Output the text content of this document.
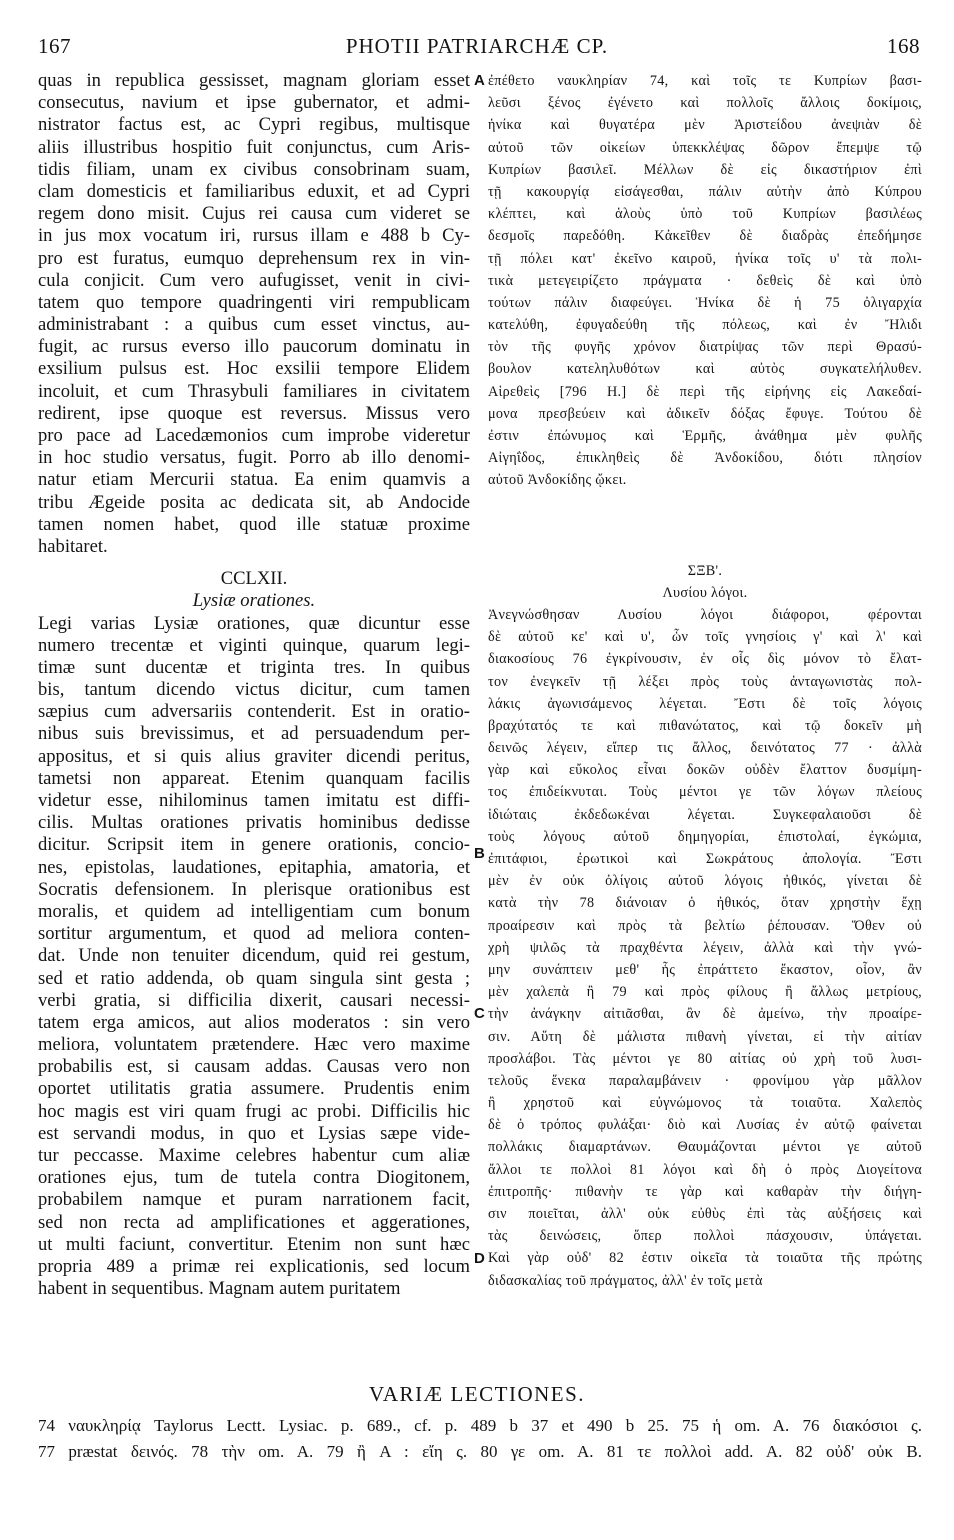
167	PHOTII PATRIARCHÆ CP.	168
quas in republica gessisset, magnam gloriam esset
consecutus, navium et ipse gubernator, et admi-
nistrator factus est, ac Cypri regibus, multisque
aliis illustribus hospitio fuit conjunctus, cum Aris-
tidis filiam, unam ex civibus consobrinam suam,
clam domesticis et familiaribus eduxit, et ad Cypri
regem dono misit. Cujus rei causa cum videret se
in jus mox vocatum iri, rursus illam e 488 b Cy-
pro est furatus, eumquo deprehensum rex in vin-
cula conjicit. Cum vero aufugisset, venit in civi-
tatem quo tempore quadringenti viri rempublicam
administrabant : a quibus cum esset vinctus, au-
fugit, ac rursus everso illo paucorum dominatu in
exsilium pulsus est. Hoc exsilii tempore Elidem
incoluit, et cum Thrasybuli familiares in civitatem
redirent, ipse quoque est reversus. Missus vero
pro pace ad Lacedæmonios cum improbe videretur
in hoc studio versatus, fugit. Porro ab illo denomi-
natur etiam Mercurii statua. Ea enim quamvis a
tribu Ægeide posita ac dedicata sit, ab Andocide
tamen nomen habet, quod ille statuæ proxime
habitaret.
CCLXII.
Lysiæ orationes.
Legi varias Lysiæ orationes, quæ dicuntur esse
numero trecentæ et viginti quinque, quarum legi-
timæ sunt ducentæ et triginta tres. In quibus
bis, tantum dicendo victus dicitur, cum tamen
sæpius cum adversariis contenderit. Est in oratio-
nibus suis brevissimus, et ad persuadendum per-
appositus, et si quis alius graviter dicendi peritus,
tametsi non appareat. Etenim quanquam facilis
videtur esse, nihilominus tamen imitatu est diffi-
cilis. Multas orationes privatis hominibus dedisse
dicitur. Scripsit item in genere orationis, concio-
nes, epistolas, laudationes, epitaphia, amatoria, et
Socratis defensionem. In plerisque orationibus est
moralis, et quidem ad intelligentiam cum bonum
sortitur argumentum, et quod ad meliora conten-
dat. Unde non tenuiter dicendum, quid rei gestum,
sed et ratio addenda, ob quam singula sint gesta ;
verbi gratia, si difficilia dixerit, causari necessi-
tatem erga amicos, aut alios moderatos : sin vero
meliora, voluntatem prætendere. Hæc vero maxime
probabilis est, si causam addas. Causas vero non
oportet utilitatis gratia assumere. Prudentis enim
hoc magis est viri quam frugi ac probi. Difficilis hic
est servandi modus, in quo et Lysias sæpe vide-
tur peccasse. Maxime celebres habentur cum aliæ
orationes ejus, tum de tutela contra Diogitonem,
probabilem namque et puram narrationem facit,
sed non recta ad amplificationes et aggerationes,
ut multi faciunt, convertitur. Etenim non sunt hæc
propria 489 a primæ rei explicationis, sed locum
habent in sequentibus. Magnam autem puritatem
ἐπέθετο ναυκληρίαν 74, καὶ τοῖς τε Κυπρίων βασι-
λεῦσι ξένος ἐγένετο καὶ πολλοῖς ἄλλοις δοκίμοις,
ἡνίκα καὶ θυγατέρα μὲν Ἀριστείδου ἀνεψιὰν δὲ
αὐτοῦ τῶν οἰκείων ὑπεκκλέψας δῶρον ἔπεμψε τῷ
Κυπρίων βασιλεῖ. Μέλλων δὲ εἰς δικαστήριον ἐπὶ
τῇ κακουργίᾳ εἰσάγεσθαι, πάλιν αὐτὴν ἀπὸ Κύπρου
κλέπτει, καὶ ἁλοὺς ὑπὸ τοῦ Κυπρίων βασιλέως
δεσμοῖς παρεδόθη. Κἀκεῖθεν δὲ διαδρὰς ἐπεδήμησε
τῇ πόλει κατ' ἐκεῖνο καιροῦ, ἡνίκα τοῖς υ' τὰ πολι-
τικὰ μετεγειρίζετο πράγματα · δεθεὶς δὲ καὶ ὑπὸ
τούτων πάλιν διαφεύγει. Ἡνίκα δὲ ἡ 75 ὀλιγαρχία
κατελύθη, ἐφυγαδεύθη τῆς πόλεως, καὶ ἐν Ἤλιδι
τὸν τῆς φυγῆς χρόνον διατρίψας τῶν περὶ Θρασύ-
βουλον κατεληλυθότων καὶ αὐτὸς συγκατελήλυθεν.
Αἱρεθεὶς [796 H.] δὲ περὶ τῆς εἰρήνης εἰς Λακεδαί-
μονα πρεσβεύειν καὶ ἀδικεῖν δόξας ἔφυγε. Τούτου δὲ
ἐστιν ἐπώνυμος καὶ Ἑρμῆς, ἀνάθημα μὲν φυλῆς
Αἰγηΐδος, ἐπικληθεὶς δὲ Ἀνδοκίδου, διότι πλησίον
αὐτοῦ Ἀνδοκίδης ᾤκει.
ΣΞΒ'.
Λυσίου λόγοι.
Ἀνεγνώσθησαν Λυσίου λόγοι διάφοροι, φέρονται
δὲ αὐτοῦ κε' καὶ υ', ὧν τοῖς γνησίοις γ' καὶ λ' καὶ
διακοσίους 76 ἐγκρίνουσιν, ἐν οἷς δὶς μόνον τὸ ἔλατ-
τον ἐνεγκεῖν τῇ λέξει πρὸς τοὺς ἀνταγωνιστὰς πολ-
λάκις ἀγωνισάμενος λέγεται. Ἔστι δὲ τοῖς λόγοις
βραχύτατός τε καὶ πιθανώτατος, καὶ τῷ δοκεῖν μὴ
δεινῶς λέγειν, εἴπερ τις ἄλλος, δεινότατος 77 · ἀλλὰ
γὰρ καὶ εὔκολος εἶναι δοκῶν οὐδὲν ἔλαττον δυσμίμη-
τος ἐπιδείκνυται. Τοὺς μέντοι γε τῶν λόγων πλείους
ἰδιώταις ἐκδεδωκέναι λέγεται. Συγκεφαλαιοῦσι δὲ
τοὺς λόγους αὐτοῦ δημηγορίαι, ἐπιστολαί, ἐγκώμια,
ἐπιτάφιοι, ἐρωτικοὶ καὶ Σωκράτους ἀπολογία. Ἔστι
μὲν ἐν οὐκ ὀλίγοις αὐτοῦ λόγοις ἠθικός, γίνεται δὲ
κατὰ τὴν 78 διάνοιαν ὁ ἠθικός, ὅταν χρηστὴν ἔχῃ
προαίρεσιν καὶ πρὸς τὰ βελτίω ῥέπουσαν. Ὅθεν οὐ
χρὴ ψιλῶς τὰ πραχθέντα λέγειν, ἀλλὰ καὶ τὴν γνώ-
μην συνάπτειν μεθ' ἧς ἐπράττετο ἕκαστον, οἷον, ἂν
μὲν χαλεπὰ ἢ 79 καὶ πρὸς φίλους ἢ ἄλλως μετρίους,
τὴν ἀνάγκην αἰτιᾶσθαι, ἂν δὲ ἀμείνω, τὴν προαίρε-
σιν. Αὕτη δὲ μάλιστα πιθανὴ γίνεται, εἰ τὴν αἰτίαν
προσλάβοι. Τὰς μέντοι γε 80 αἰτίας οὐ χρὴ τοῦ λυσι-
τελοῦς ἕνεκα παραλαμβάνειν · φρονίμου γὰρ μᾶλλον
ἢ χρηστοῦ καὶ εὐγνώμονος τὰ τοιαῦτα. Χαλεπὸς
δὲ ὁ τρόπος φυλάξαι· διὸ καὶ Λυσίας ἐν αὐτῷ φαίνεται
πολλάκις διαμαρτάνων. Θαυμάζονται μέντοι γε αὐτοῦ
ἄλλοι τε πολλοὶ 81 λόγοι καὶ δὴ ὁ πρὸς Διογείτονα
ἐπιτροπῆς· πιθανὴν τε γὰρ καὶ καθαρὰν τὴν διήγη-
σιν ποιεῖται, ἀλλ' οὐκ εὐθὺς ἐπὶ τὰς αὐξήσεις καὶ
τὰς δεινώσεις, ὅπερ πολλοὶ πάσχουσιν, ὑπάγεται.
Καὶ γὰρ οὐδ' 82 ἐστιν οἰκεῖα τὰ τοιαῦτα τῆς πρώτης
διδασκαλίας τοῦ πράγματος, ἀλλ' ἐν τοῖς μετὰ
A
B
C
D
VARIÆ LECTIONES.
74 ναυκληρίᾳ Taylorus Lectt. Lysiac. p. 689., cf. p. 489 b 37 et 490 b 25. 75 ἡ om. A. 76 διακόσιοι ς.
77 præstat δεινός. 78 τὴν om. A. 79 ἢ A : εἴη ς. 80 γε om. A. 81 τε πολλοὶ add. A. 82 οὐδ' οὐκ B.
